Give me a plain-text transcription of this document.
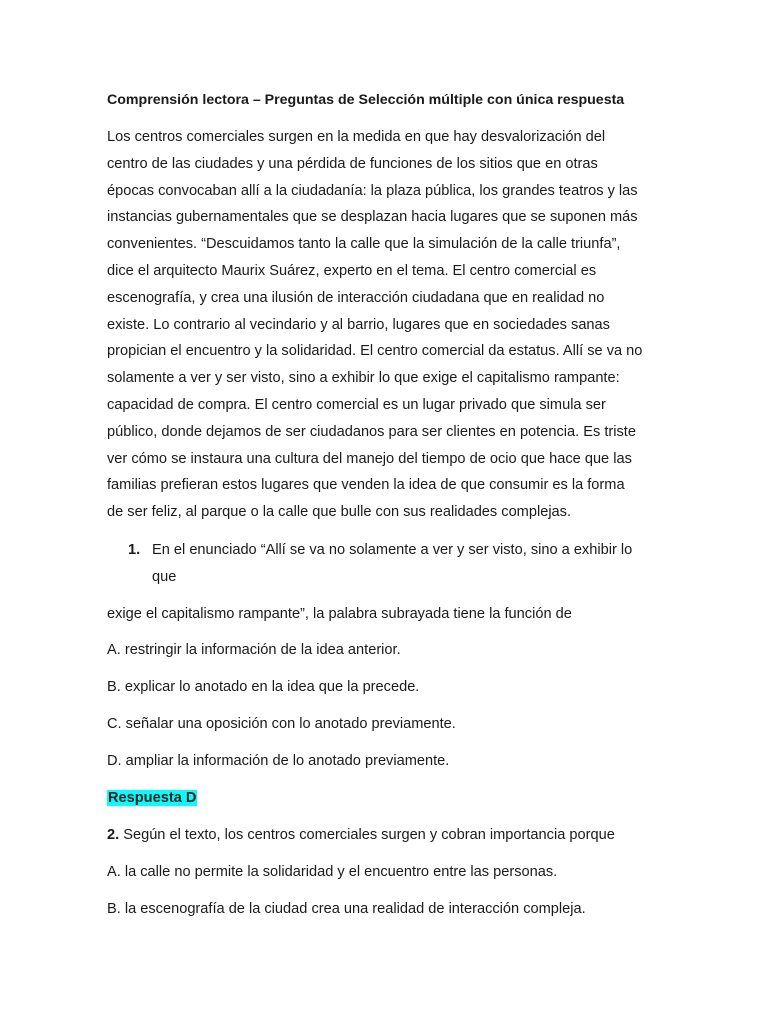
Comprensión lectora – Preguntas de Selección múltiple con única respuesta
Los centros comerciales surgen en la medida en que hay desvalorización del
centro de las ciudades y una pérdida de funciones de los sitios que en otras
épocas convocaban allí a la ciudadanía: la plaza pública, los grandes teatros y las
instancias gubernamentales que se desplazan hacia lugares que se suponen más
convenientes. “Descuidamos tanto la calle que la simulación de la calle triunfa”,
dice el arquitecto Maurix Suárez, experto en el tema. El centro comercial es
escenografía, y crea una ilusión de interacción ciudadana que en realidad no
existe. Lo contrario al vecindario y al barrio, lugares que en sociedades sanas
propician el encuentro y la solidaridad. El centro comercial da estatus. Allí se va no
solamente a ver y ser visto, sino a exhibir lo que exige el capitalismo rampante:
capacidad de compra. El centro comercial es un lugar privado que simula ser
público, donde dejamos de ser ciudadanos para ser clientes en potencia. Es triste
ver cómo se instaura una cultura del manejo del tiempo de ocio que hace que las
familias prefieran estos lugares que venden la idea de que consumir es la forma
de ser feliz, al parque o la calle que bulle con sus realidades complejas.
1. En el enunciado “Allí se va no solamente a ver y ser visto, sino a exhibir lo
que
exige el capitalismo rampante”, la palabra subrayada tiene la función de
A. restringir la información de la idea anterior.
B. explicar lo anotado en la idea que la precede.
C. señalar una oposición con lo anotado previamente.
D. ampliar la información de lo anotado previamente.
Respuesta D
2. Según el texto, los centros comerciales surgen y cobran importancia porque
A. la calle no permite la solidaridad y el encuentro entre las personas.
B. la escenografía de la ciudad crea una realidad de interacción compleja.
